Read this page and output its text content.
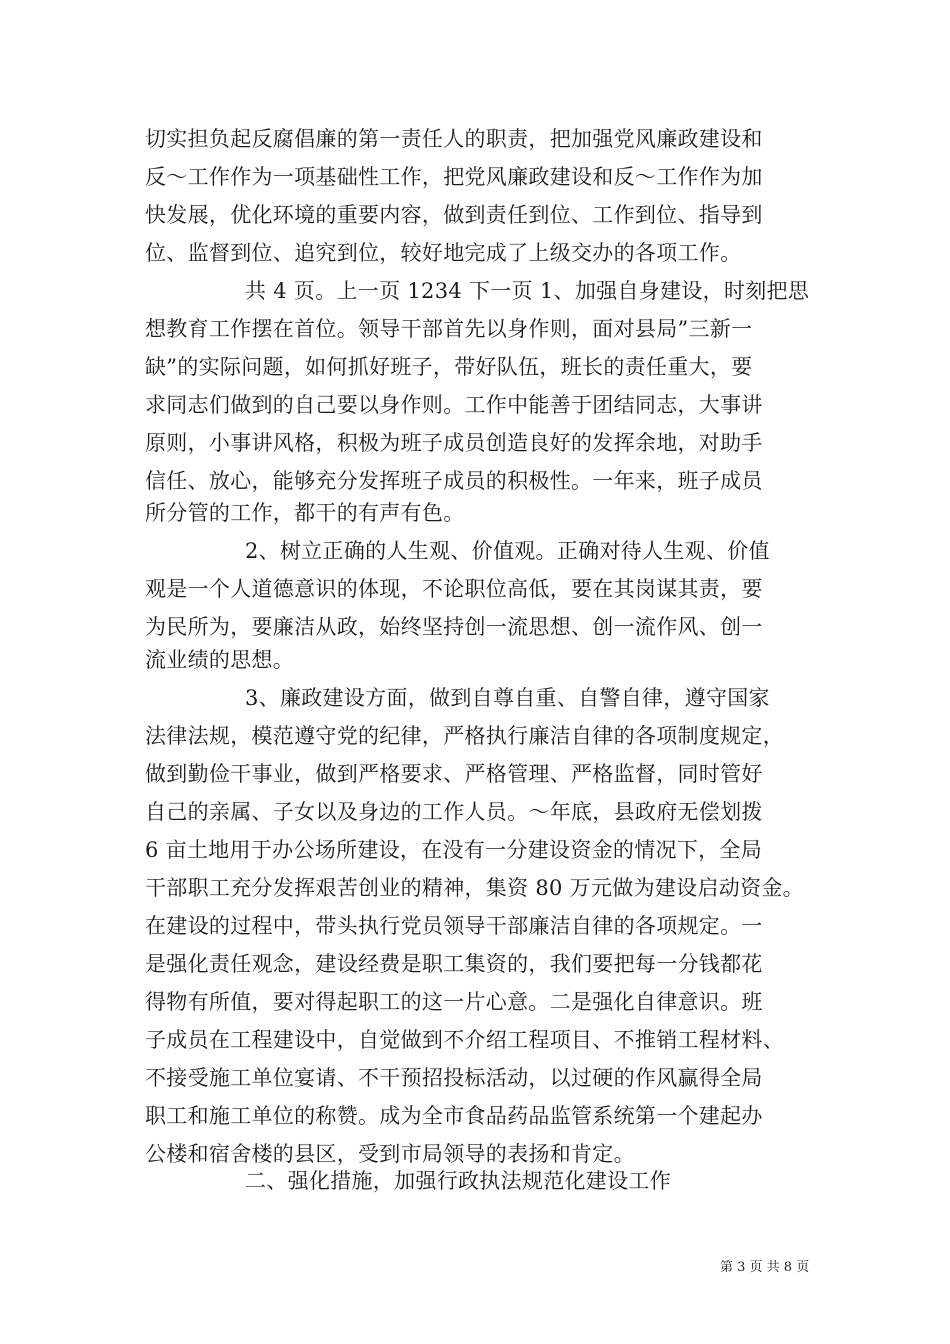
切实担负起反腐倡廉的第一责任人的职责，把加强党风廉政建设和
反～工作作为一项基础性工作，把党风廉政建设和反～工作作为加
快发展，优化环境的重要内容，做到责任到位、工作到位、指导到
位、监督到位、追究到位，较好地完成了上级交办的各项工作。
共 4 页。上一页 1234 下一页 1、加强自身建设，时刻把思
想教育工作摆在首位。领导干部首先以身作则，面对县局”三新一
缺”的实际问题，如何抓好班子，带好队伍，班长的责任重大，要
求同志们做到的自己要以身作则。工作中能善于团结同志，大事讲
原则，小事讲风格，积极为班子成员创造良好的发挥余地，对助手
信任、放心，能够充分发挥班子成员的积极性。一年来，班子成员
所分管的工作，都干的有声有色。
2、树立正确的人生观、价值观。正确对待人生观、价值
观是一个人道德意识的体现，不论职位高低，要在其岗谋其责，要
为民所为，要廉洁从政，始终坚持创一流思想、创一流作风、创一
流业绩的思想。
3、廉政建设方面，做到自尊自重、自警自律，遵守国家
法律法规，模范遵守党的纪律，严格执行廉洁自律的各项制度规定，
做到勤俭干事业，做到严格要求、严格管理、严格监督，同时管好
自己的亲属、子女以及身边的工作人员。～年底，县政府无偿划拨
6 亩土地用于办公场所建设，在没有一分建设资金的情况下，全局
干部职工充分发挥艰苦创业的精神，集资 80 万元做为建设启动资金。
在建设的过程中，带头执行党员领导干部廉洁自律的各项规定。一
是强化责任观念，建设经费是职工集资的，我们要把每一分钱都花
得物有所值，要对得起职工的这一片心意。二是强化自律意识。班
子成员在工程建设中，自觉做到不介绍工程项目、不推销工程材料、
不接受施工单位宴请、不干预招投标活动，以过硬的作风赢得全局
职工和施工单位的称赞。成为全市食品药品监管系统第一个建起办
公楼和宿舍楼的县区，受到市局领导的表扬和肯定。
二、强化措施，加强行政执法规范化建设工作
第 3 页 共 8 页
